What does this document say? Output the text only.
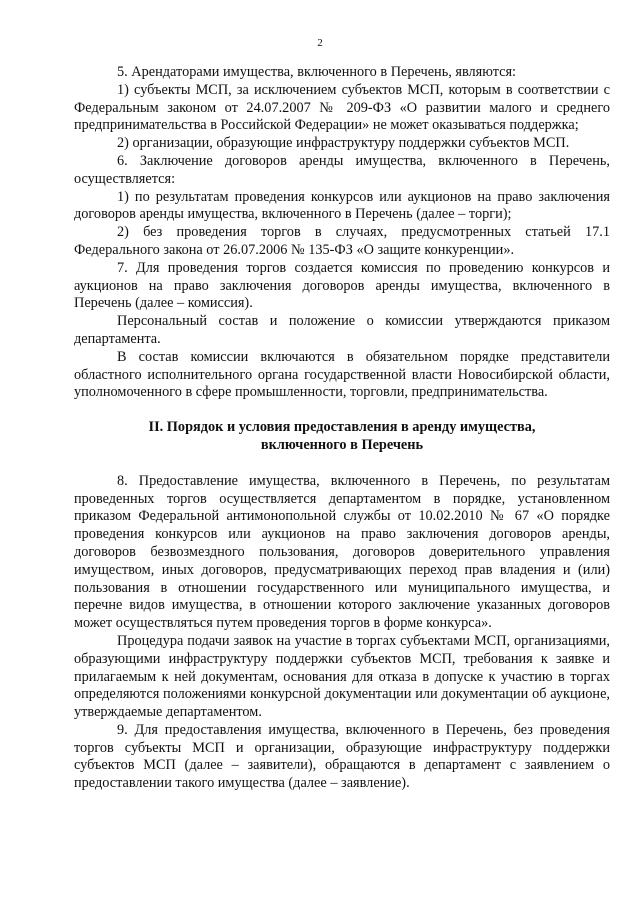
2

5. Арендаторами имущества, включенного в Перечень, являются:

1) субъекты МСП, за исключением субъектов МСП, которым в соответствии с Федеральным законом от 24.07.2007 № 209-ФЗ «О развитии малого и среднего предпринимательства в Российской Федерации» не может оказываться поддержка;

2) организации, образующие инфраструктуру поддержки субъектов МСП.

6. Заключение договоров аренды имущества, включенного в Перечень, осуществляется:

1) по результатам проведения конкурсов или аукционов на право заключения договоров аренды имущества, включенного в Перечень (далее – торги);

2) без проведения торгов в случаях, предусмотренных статьей 17.1 Федерального закона от 26.07.2006 № 135-ФЗ «О защите конкуренции».

7. Для проведения торгов создается комиссия по проведению конкурсов и аукционов на право заключения договоров аренды имущества, включенного в Перечень (далее – комиссия).

Персональный состав и положение о комиссии утверждаются приказом департамента.

В состав комиссии включаются в обязательном порядке представители областного исполнительного органа государственной власти Новосибирской области, уполномоченного в сфере промышленности, торговли, предпринимательства.

II. Порядок и условия предоставления в аренду имущества, включенного в Перечень

8. Предоставление имущества, включенного в Перечень, по результатам проведенных торгов осуществляется департаментом в порядке, установленном приказом Федеральной антимонопольной службы от 10.02.2010 № 67 «О порядке проведения конкурсов или аукционов на право заключения договоров аренды, договоров безвозмездного пользования, договоров доверительного управления имуществом, иных договоров, предусматривающих переход прав владения и (или) пользования в отношении государственного или муниципального имущества, и перечне видов имущества, в отношении которого заключение указанных договоров может осуществляться путем проведения торгов в форме конкурса».

Процедура подачи заявок на участие в торгах субъектами МСП, организациями, образующими инфраструктуру поддержки субъектов МСП, требования к заявке и прилагаемым к ней документам, основания для отказа в допуске к участию в торгах определяются положениями конкурсной документации или документации об аукционе, утверждаемые департаментом.

9. Для предоставления имущества, включенного в Перечень, без проведения торгов субъекты МСП и организации, образующие инфраструктуру поддержки субъектов МСП (далее – заявители), обращаются в департамент с заявлением о предоставлении такого имущества (далее – заявление).
